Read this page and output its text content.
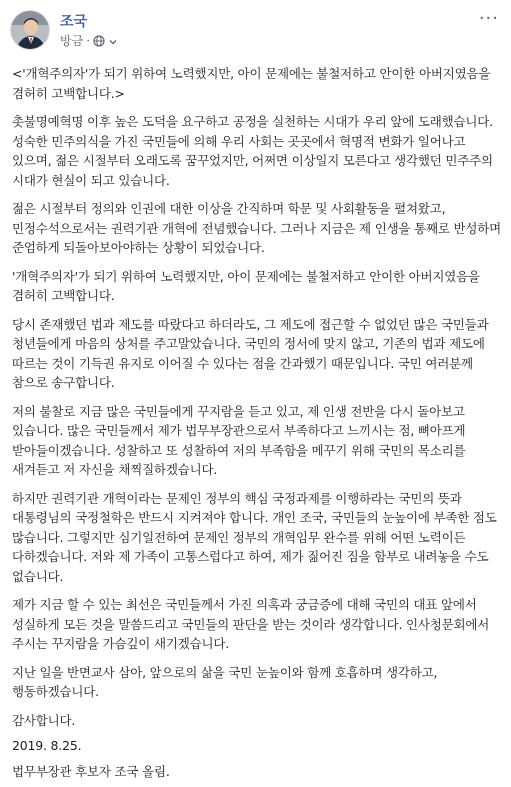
조국
방금 ·
···

<'개혁주의자'가 되기 위하여 노력했지만, 아이 문제에는 불철저하고 안이한 아버지였음을 겸허히 고백합니다.>

촛불명예혁명 이후 높은 도덕을 요구하고 공정을 실천하는 시대가 우리 앞에 도래했습니다. 성숙한 민주의식을 가진 국민들에 의해 우리 사회는 곳곳에서 혁명적 변화가 일어나고 있으며, 젊은 시절부터 오래도록 꿈꾸었지만, 어쩌면 이상일지 모른다고 생각했던 민주주의 시대가 현실이 되고 있습니다.

젊은 시절부터 정의와 인권에 대한 이상을 간직하며 학문 및 사회활동을 펼쳐왔고, 민정수석으로서는 권력기관 개혁에 전념했습니다. 그러나 지금은 제 인생을 통째로 반성하며 준엄하게 되돌아보아야하는 상황이 되었습니다.

'개혁주의자'가 되기 위하여 노력했지만, 아이 문제에는 불철저하고 안이한 아버지였음을 겸허히 고백합니다.

당시 존재했던 법과 제도를 따랐다고 하더라도, 그 제도에 접근할 수 없었던 많은 국민들과 청년들에게 마음의 상처를 주고말았습니다. 국민의 정서에 맞지 않고, 기존의 법과 제도에 따르는 것이 기득권 유지로 이어질 수 있다는 점을 간과했기 때문입니다. 국민 여러분께 참으로 송구합니다.

저의 불찰로 지금 많은 국민들에게 꾸지람을 듣고 있고, 제 인생 전반을 다시 돌아보고 있습니다. 많은 국민들께서 제가 법무부장관으로서 부족하다고 느끼시는 점, 뼈아프게 받아들이겠습니다. 성찰하고 또 성찰하여 저의 부족함을 메꾸기 위해 국민의 목소리를 새겨듣고 저 자신을 채찍질하겠습니다.

하지만 권력기관 개혁이라는 문제인 정부의 핵심 국정과제를 이행하라는 국민의 뜻과 대통령님의 국정철학은 반드시 지켜져야 합니다. 개인 조국, 국민들의 눈높이에 부족한 점도 많습니다. 그렇지만 심기일전하여 문제인 정부의 개혁임무 완수를 위해 어떤 노력이든 다하겠습니다. 저와 제 가족이 고통스럽다고 하여, 제가 짊어진 짐을 함부로 내려놓을 수도 없습니다.

제가 지금 할 수 있는 최선은 국민들께서 가진 의혹과 궁금증에 대해 국민의 대표 앞에서 성실하게 모든 것을 말씀드리고 국민들의 판단을 받는 것이라 생각합니다. 인사청문회에서 주시는 꾸지람을 가슴깊이 새기겠습니다.

지난 일을 반면교사 삼아, 앞으로의 삶을 국민 눈높이와 함께 호흡하며 생각하고, 행동하겠습니다.

감사합니다.

2019. 8.25.

법무부장관 후보자 조국 올림.
